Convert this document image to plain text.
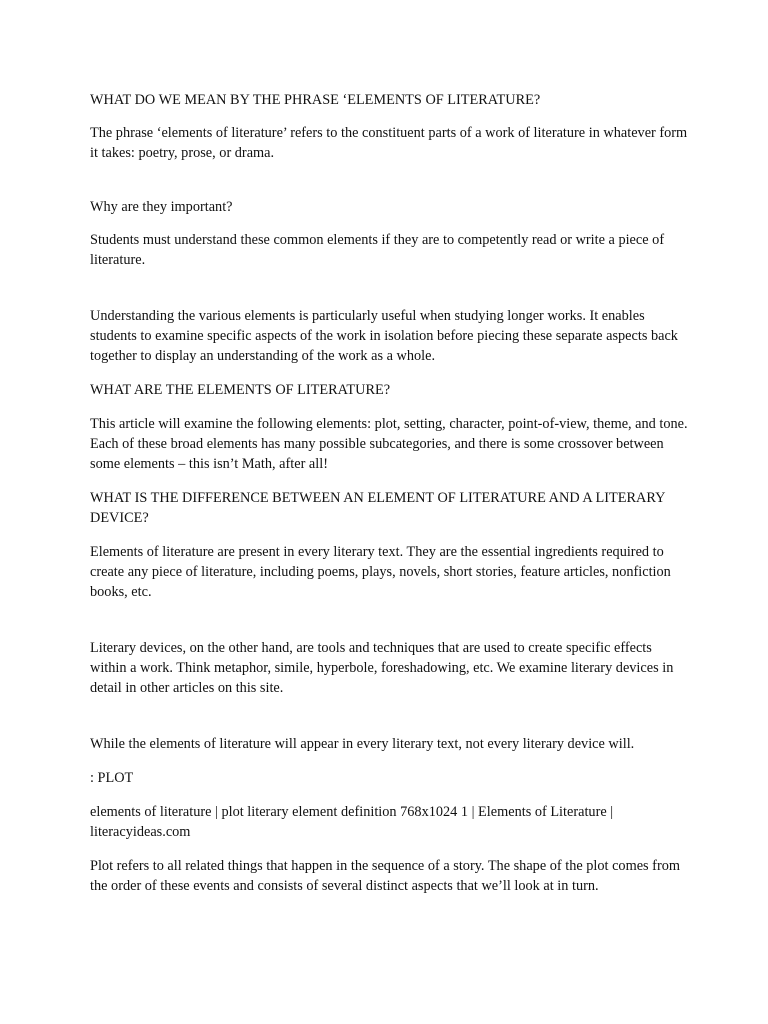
WHAT DO WE MEAN BY THE PHRASE ‘ELEMENTS OF LITERATURE?

The phrase ‘elements of literature’ refers to the constituent parts of a work of literature in whatever form it takes: poetry, prose, or drama.

Why are they important?

Students must understand these common elements if they are to competently read or write a piece of literature.

Understanding the various elements is particularly useful when studying longer works. It enables students to examine specific aspects of the work in isolation before piecing these separate aspects back together to display an understanding of the work as a whole.

WHAT ARE THE ELEMENTS OF LITERATURE?

This article will examine the following elements: plot, setting, character, point-of-view, theme, and tone. Each of these broad elements has many possible subcategories, and there is some crossover between some elements – this isn’t Math, after all!

WHAT IS THE DIFFERENCE BETWEEN AN ELEMENT OF LITERATURE AND A LITERARY DEVICE?

Elements of literature are present in every literary text. They are the essential ingredients required to create any piece of literature, including poems, plays, novels, short stories, feature articles, nonfiction books, etc.

Literary devices, on the other hand, are tools and techniques that are used to create specific effects within a work. Think metaphor, simile, hyperbole, foreshadowing, etc. We examine literary devices in detail in other articles on this site.

While the elements of literature will appear in every literary text, not every literary device will.

: PLOT

elements of literature | plot literary element definition 768x1024 1 | Elements of Literature | literacyideas.com

Plot refers to all related things that happen in the sequence of a story. The shape of the plot comes from the order of these events and consists of several distinct aspects that we’ll look at in turn.
